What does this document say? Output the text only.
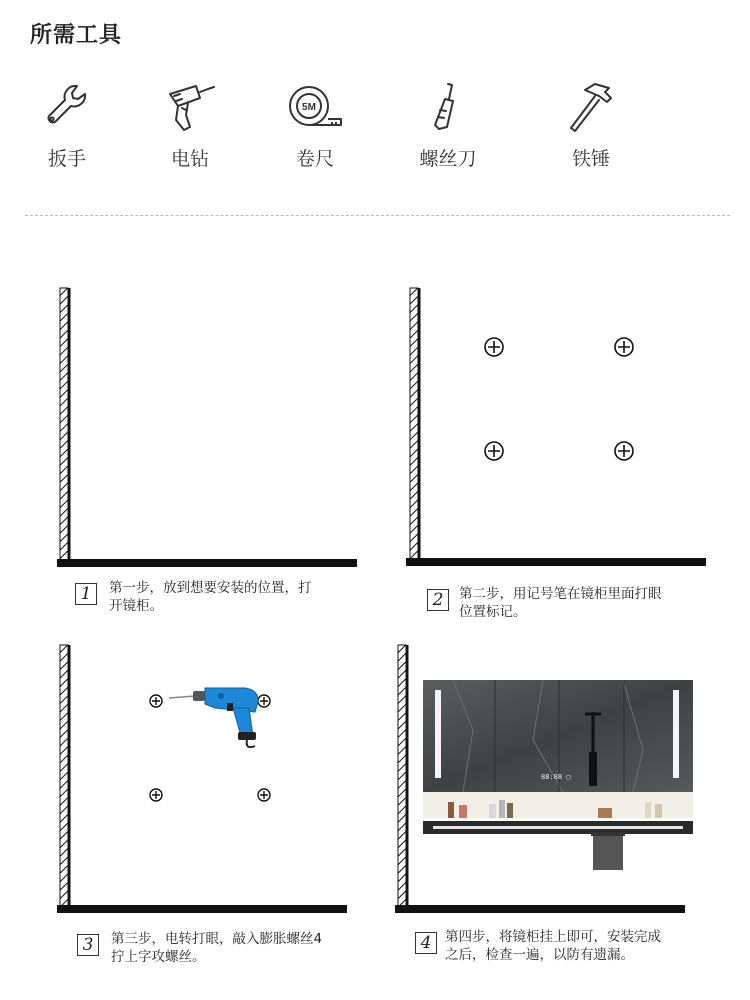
所需工具
扳手	电钻
5M
卷尺	螺丝刀	铁锤
1	第一步，放到想要安装的位置，打
开镜柜。	2	第二步，用记号笔在镜柜里面打眼
位置标记。
3	第三步，电转打眼，敲入膨胀螺丝4
拧上字攻螺丝。
88:88 ▢
4	第四步，将镜柜挂上即可，安装完成
之后，检查一遍，以防有遗漏。
